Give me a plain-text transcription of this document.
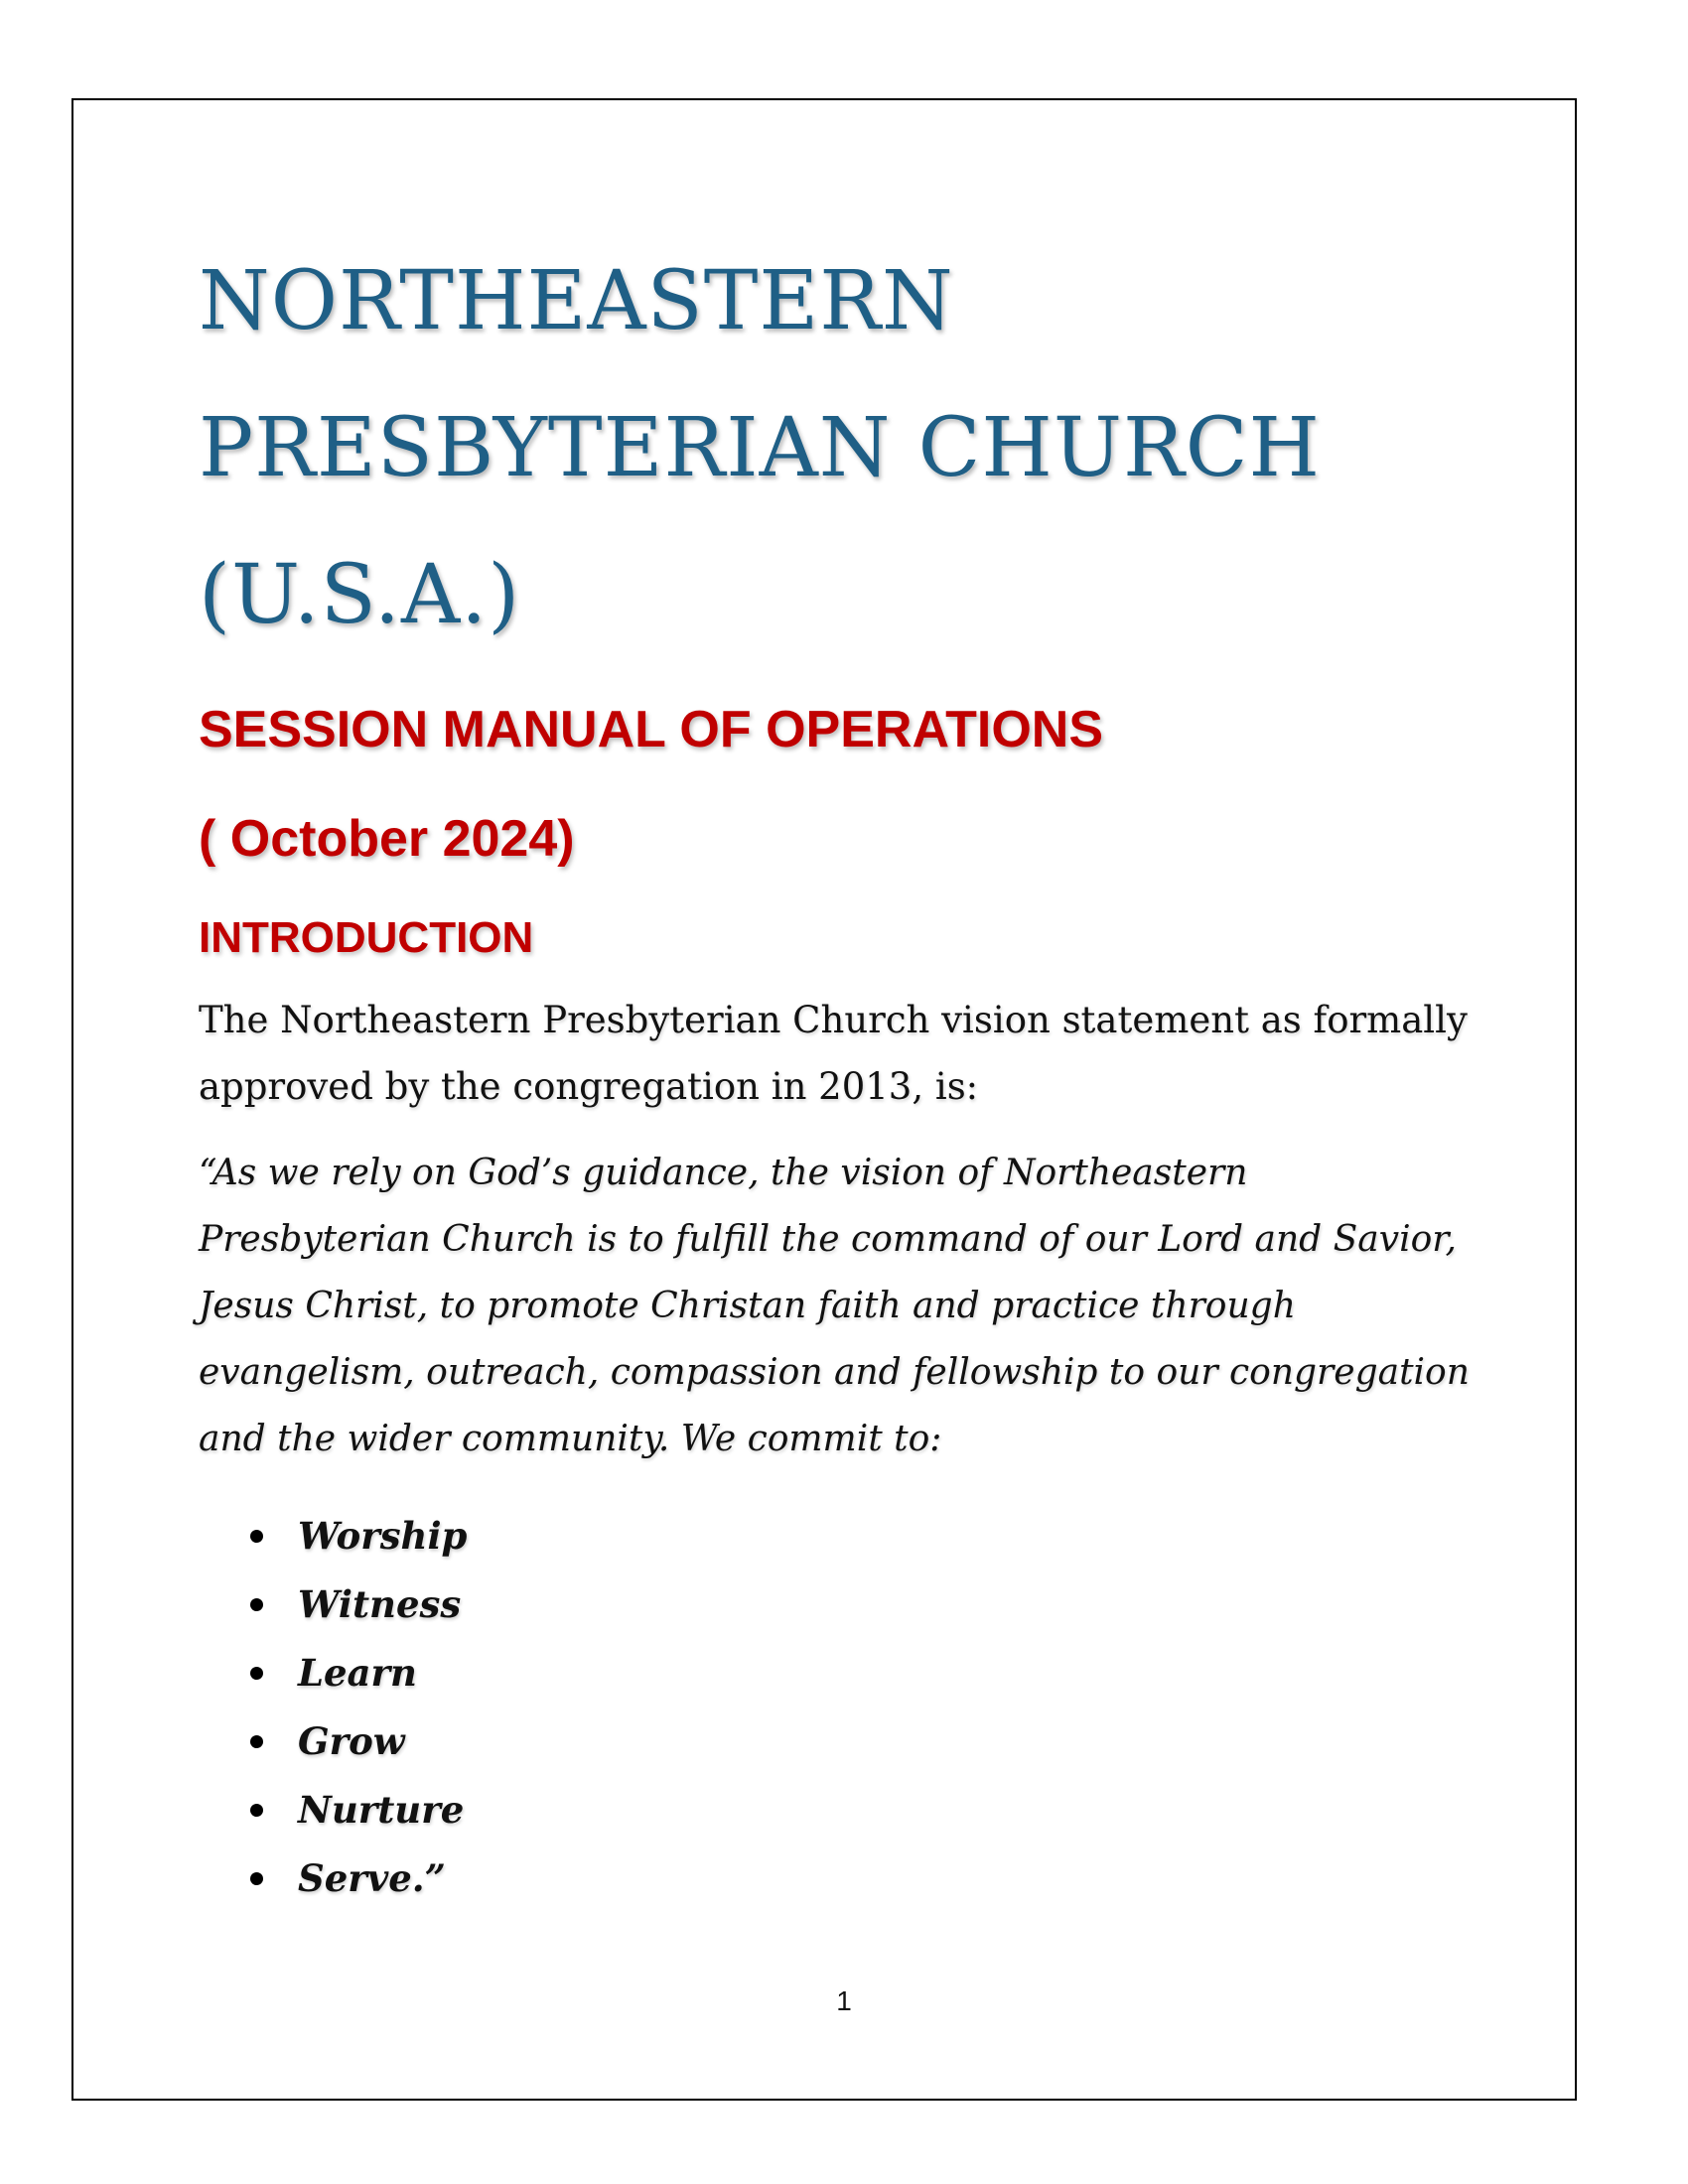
NORTHEASTERN
PRESBYTERIAN CHURCH
(U.S.A.)
SESSION MANUAL OF OPERATIONS
( October 2024)
INTRODUCTION

The Northeastern Presbyterian Church vision statement as formally approved by the congregation in 2013, is:

“As we rely on God’s guidance, the vision of Northeastern Presbyterian Church is to fulfill the command of our Lord and Savior, Jesus Christ, to promote Christan faith and practice through evangelism, outreach, compassion and fellowship to our congregation and the wider community. We commit to:

Worship
Witness
Learn
Grow
Nurture
Serve.”
1
